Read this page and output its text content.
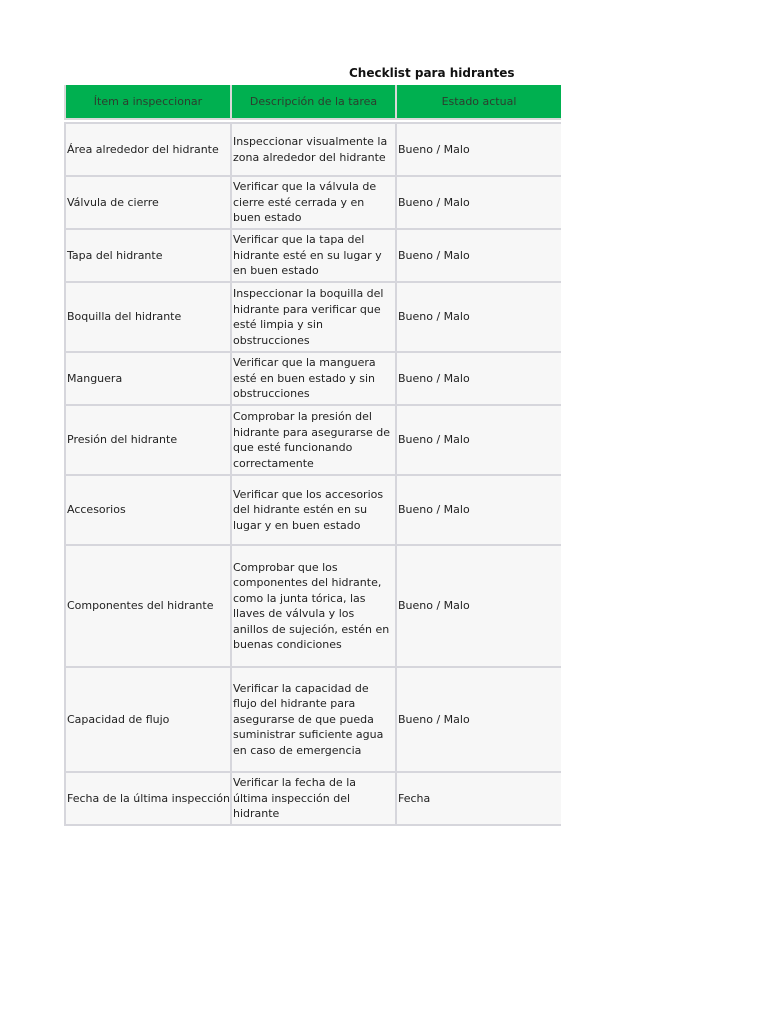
Checklist para hidrantes
Ítem a inspeccionar	Descripción de la tarea	Estado actual

Área alrededor del hidrante	Inspeccionar visualmente la zona alrededor del hidrante	Bueno / Malo
Válvula de cierre	Verificar que la válvula de cierre esté cerrada y en buen estado	Bueno / Malo
Tapa del hidrante	Verificar que la tapa del hidrante esté en su lugar y en buen estado	Bueno / Malo
Boquilla del hidrante	Inspeccionar la boquilla del hidrante para verificar que esté limpia y sin obstrucciones	Bueno / Malo
Manguera	Verificar que la manguera esté en buen estado y sin obstrucciones	Bueno / Malo
Presión del hidrante	Comprobar la presión del hidrante para asegurarse de que esté funcionando correctamente	Bueno / Malo
Accesorios	Verificar que los accesorios del hidrante estén en su lugar y en buen estado	Bueno / Malo
Componentes del hidrante	Comprobar que los componentes del hidrante, como la junta tórica, las llaves de válvula y los anillos de sujeción, estén en buenas condiciones	Bueno / Malo
Capacidad de flujo	Verificar la capacidad de flujo del hidrante para asegurarse de que pueda suministrar suficiente agua en caso de emergencia	Bueno / Malo
Fecha de la última inspección	Verificar la fecha de la última inspección del hidrante	Fecha
